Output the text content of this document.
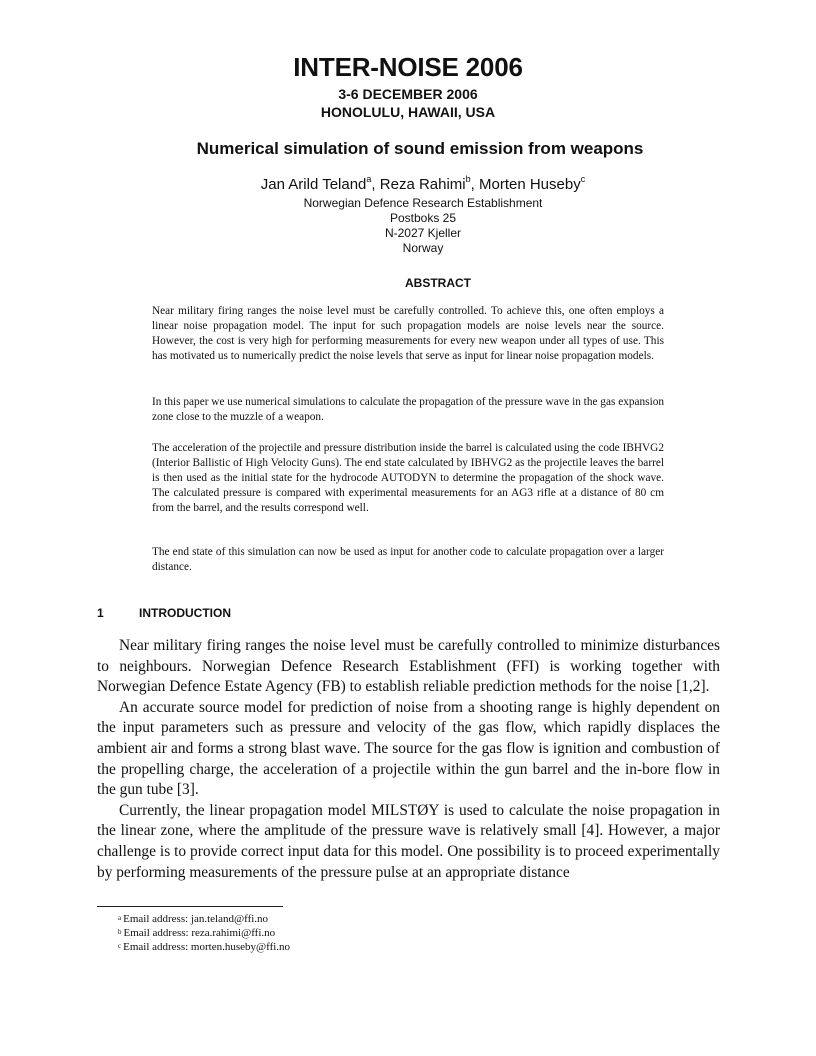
INTER-NOISE 2006
3-6 DECEMBER 2006
HONOLULU, HAWAII, USA
Numerical simulation of sound emission from weapons
Jan Arild Teland$^a$, Reza Rahimi$^b$, Morten Huseby$^c$
Norwegian Defence Research Establishment
Postboks 25
N-2027 Kjeller
Norway
ABSTRACT

Near military firing ranges the noise level must be carefully controlled. To achieve this, one often employs a linear noise propagation model. The input for such propagation models are noise levels near the source. However, the cost is very high for performing measurements for every new weapon under all types of use. This has motivated us to numerically predict the noise levels that serve as input for linear noise propagation models.

In this paper we use numerical simulations to calculate the propagation of the pressure wave in the gas expansion zone close to the muzzle of a weapon.

The acceleration of the projectile and pressure distribution inside the barrel is calculated using the code IBHVG2 (Interior Ballistic of High Velocity Guns). The end state calculated by IBHVG2 as the projectile leaves the barrel is then used as the initial state for the hydrocode AUTODYN to determine the propagation of the shock wave. The calculated pressure is compared with experimental measurements for an AG3 rifle at a distance of 80 cm from the barrel, and the results correspond well.

The end state of this simulation can now be used as input for another code to calculate propagation over a larger distance.

1	INTRODUCTION

Near military firing ranges the noise level must be carefully controlled to minimize disturbances to neighbours. Norwegian Defence Research Establishment (FFI) is working together with Norwegian Defence Estate Agency (FB) to establish reliable prediction methods for the noise [1,2].

An accurate source model for prediction of noise from a shooting range is highly dependent on the input parameters such as pressure and velocity of the gas flow, which rapidly displaces the ambient air and forms a strong blast wave. The source for the gas flow is ignition and combustion of the propelling charge, the acceleration of a projectile within the gun barrel and the in-bore flow in the gun tube [3].

Currently, the linear propagation model MILSTØY is used to calculate the noise propagation in the linear zone, where the amplitude of the pressure wave is relatively small [4]. However, a major challenge is to provide correct input data for this model. One possibility is to proceed experimentally by performing measurements of the pressure pulse at an appropriate distance

$^a$ Email address: jan.teland@ffi.no
$^b$ Email address: reza.rahimi@ffi.no
$^c$ Email address: morten.huseby@ffi.no
